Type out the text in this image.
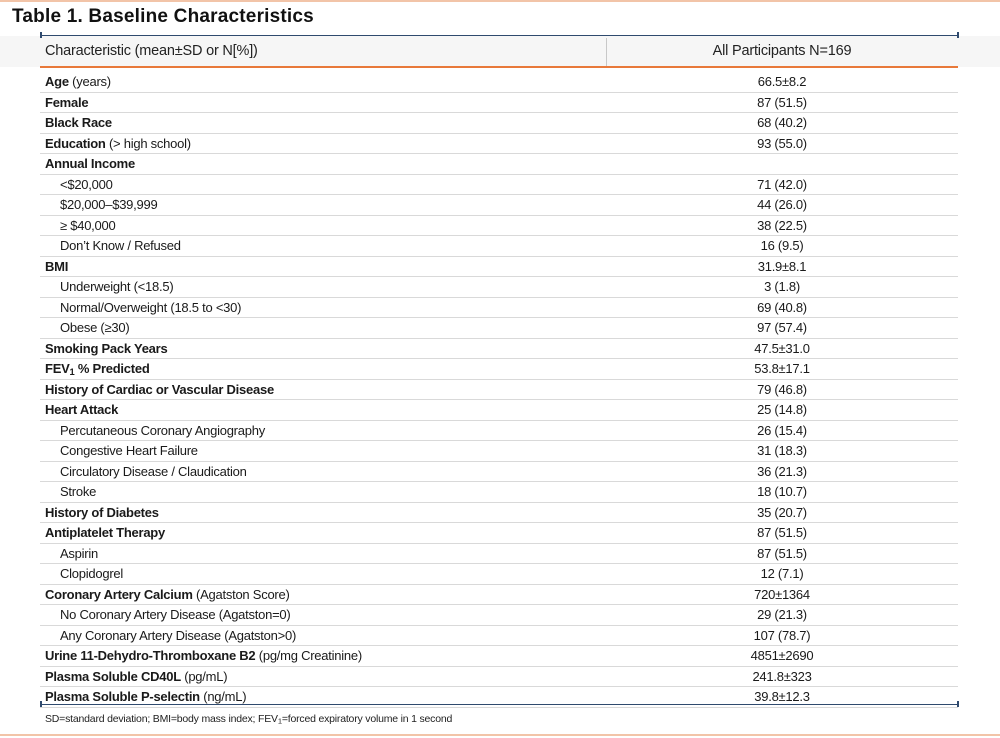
Table 1. Baseline Characteristics
Characteristic (mean±SD or N[%])	All Participants N=169
Age (years)	66.5±8.2
Female	87 (51.5)
Black Race	68 (40.2)
Education (> high school)	93 (55.0)
Annual Income
<$20,000	71 (42.0)
$20,000–$39,999	44 (26.0)
≥ $40,000	38 (22.5)
Don’t Know / Refused	16 (9.5)
BMI	31.9±8.1
Underweight (<18.5)	3 (1.8)
Normal/Overweight (18.5 to <30)	69 (40.8)
Obese (≥30)	97 (57.4)
Smoking Pack Years	47.5±31.0
$FEV_1$ % Predicted	53.8±17.1
History of Cardiac or Vascular Disease	79 (46.8)
Heart Attack	25 (14.8)
Percutaneous Coronary Angiography	26 (15.4)
Congestive Heart Failure	31 (18.3)
Circulatory Disease / Claudication	36 (21.3)
Stroke	18 (10.7)
History of Diabetes	35 (20.7)
Antiplatelet Therapy	87 (51.5)
Aspirin	87 (51.5)
Clopidogrel	12 (7.1)
Coronary Artery Calcium (Agatston Score)	720±1364
No Coronary Artery Disease (Agatston=0)	29 (21.3)
Any Coronary Artery Disease (Agatston>0)	107 (78.7)
Urine 11-Dehydro-Thromboxane B2 (pg/mg Creatinine)	4851±2690
Plasma Soluble CD40L (pg/mL)	241.8±323
Plasma Soluble P-selectin (ng/mL)	39.8±12.3
SD=standard deviation; BMI=body mass index; $FEV_1=forced$ expiratory volume in 1 second
